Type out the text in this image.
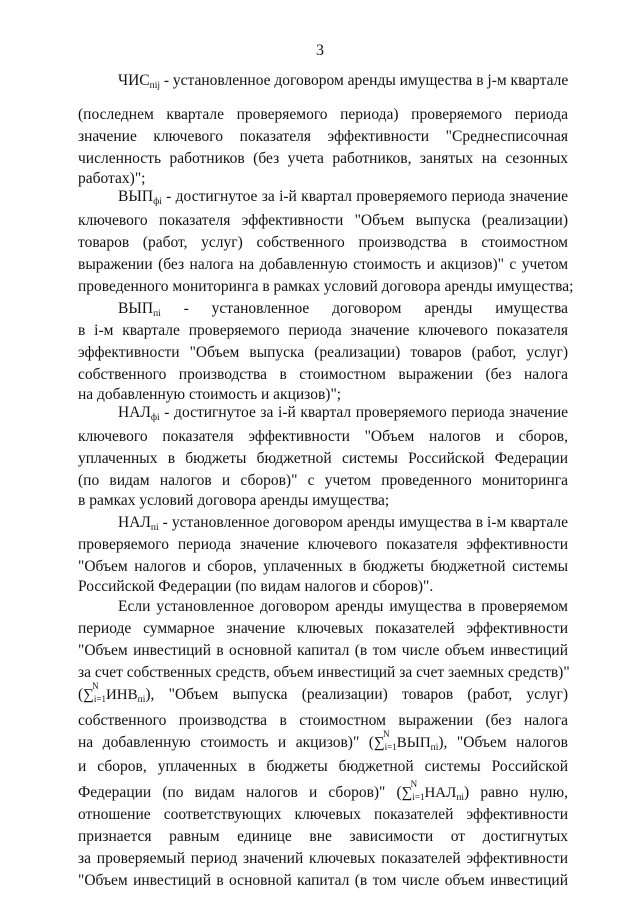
3
$ЧИС_{пij}$ - установленное договором аренды имущества в j-м квартале
(последнем квартале проверяемого периода) проверяемого периода
значение ключевого показателя эффективности "Среднесписочная
численность работников (без учета работников, занятых на сезонных
работах)";
$ВЫП_{фi}$ - достигнутое за i-й квартал проверяемого периода значение
ключевого показателя эффективности "Объем выпуска (реализации)
товаров (работ, услуг) собственного производства в стоимостном
выражении (без налога на добавленную стоимость и акцизов)" с учетом
проведенного мониторинга в рамках условий договора аренды имущества;
$ВЫП_{пi}$ - установленное договором аренды имущества
в i-м квартале проверяемого периода значение ключевого показателя
эффективности "Объем выпуска (реализации) товаров (работ, услуг)
собственного производства в стоимостном выражении (без налога
на добавленную стоимость и акцизов)";
$НАЛ_{фi}$ - достигнутое за i-й квартал проверяемого периода значение
ключевого показателя эффективности "Объем налогов и сборов,
уплаченных в бюджеты бюджетной системы Российской Федерации
(по видам налогов и сборов)" с учетом проведенного мониторинга
в рамках условий договора аренды имущества;
$НАЛ_{пi}$ - установленное договором аренды имущества в i-м квартале
проверяемого периода значение ключевого показателя эффективности
"Объем налогов и сборов, уплаченных в бюджеты бюджетной системы
Российской Федерации (по видам налогов и сборов)".
Если установленное договором аренды имущества в проверяемом
периоде суммарное значение ключевых показателей эффективности
"Объем инвестиций в основной капитал (в том числе объем инвестиций
за счет собственных средств, объем инвестиций за счет заемных средств)"
(∑
N
$_{i=1}ИНВ_{пi}$), "Объем выпуска (реализации) товаров (работ, услуг)
собственного производства в стоимостном выражении (без налога
на добавленную стоимость и акцизов)" (∑
N
$_{i=1}ВЫП_{пi}$), "Объем налогов
и сборов, уплаченных в бюджеты бюджетной системы Российской
Федерации (по видам налогов и сборов)" (∑
N
$_{i=1}НАЛ_{пi}$) равно нулю,
отношение соответствующих ключевых показателей эффективности
признается равным единице вне зависимости от достигнутых
за проверяемый период значений ключевых показателей эффективности
"Объем инвестиций в основной капитал (в том числе объем инвестиций
